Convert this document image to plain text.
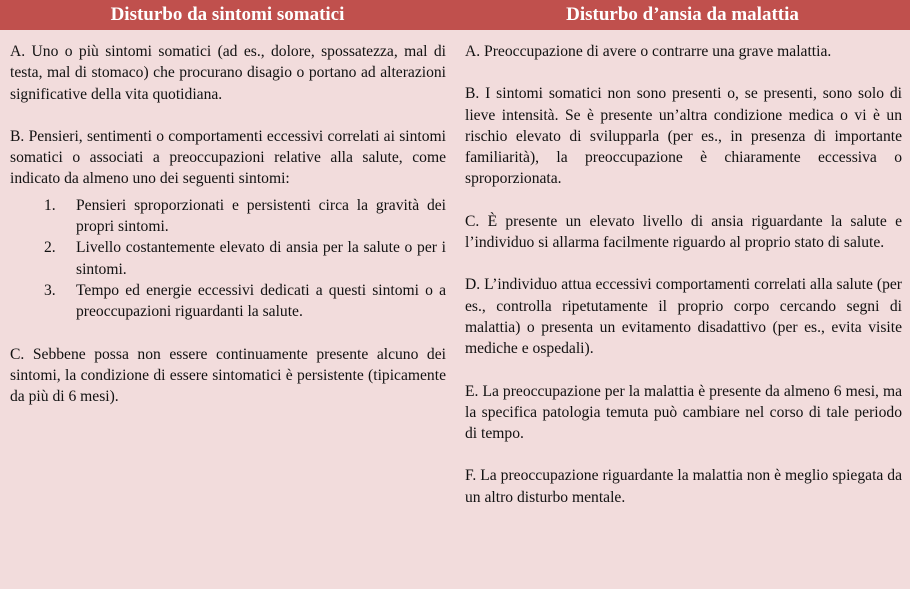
Disturbo da sintomi somatici	Disturbo d’ansia da malattia

A. Uno o più sintomi somatici (ad es., dolore, spossatezza, mal di testa, mal di stomaco) che procurano disagio o portano ad alterazioni significative della vita quotidiana.

B. Pensieri, sentimenti o comportamenti eccessivi correlati ai sintomi somatici o associati a preoccupazioni relative alla salute, come indicato da almeno uno dei seguenti sintomi:

1.	Pensieri sproporzionati e persistenti circa la gravità dei propri sintomi.
2.	Livello costantemente elevato di ansia per la salute o per i sintomi.
3.	Tempo ed energie eccessivi dedicati a questi sintomi o a preoccupazioni riguardanti la salute.

C. Sebbene possa non essere continuamente presente alcuno dei sintomi, la condizione di essere sintomatici è persistente (tipicamente da più di 6 mesi).

A. Preoccupazione di avere o contrarre una grave malattia.

B. I sintomi somatici non sono presenti o, se presenti, sono solo di lieve intensità. Se è presente un’altra condizione medica o vi è un rischio elevato di svilupparla (per es., in presenza di importante familiarità), la preoccupazione è chiaramente eccessiva o sproporzionata.

C. È presente un elevato livello di ansia riguardante la salute e l’individuo si allarma facilmente riguardo al proprio stato di salute.

D. L’individuo attua eccessivi comportamenti correlati alla salute (per es., controlla ripetutamente il proprio corpo cercando segni di malattia) o presenta un evitamento disadattivo (per es., evita visite mediche e ospedali).

E. La preoccupazione per la malattia è presente da almeno 6 mesi, ma la specifica patologia temuta può cambiare nel corso di tale periodo di tempo.

F. La preoccupazione riguardante la malattia non è meglio spiegata da un altro disturbo mentale.
